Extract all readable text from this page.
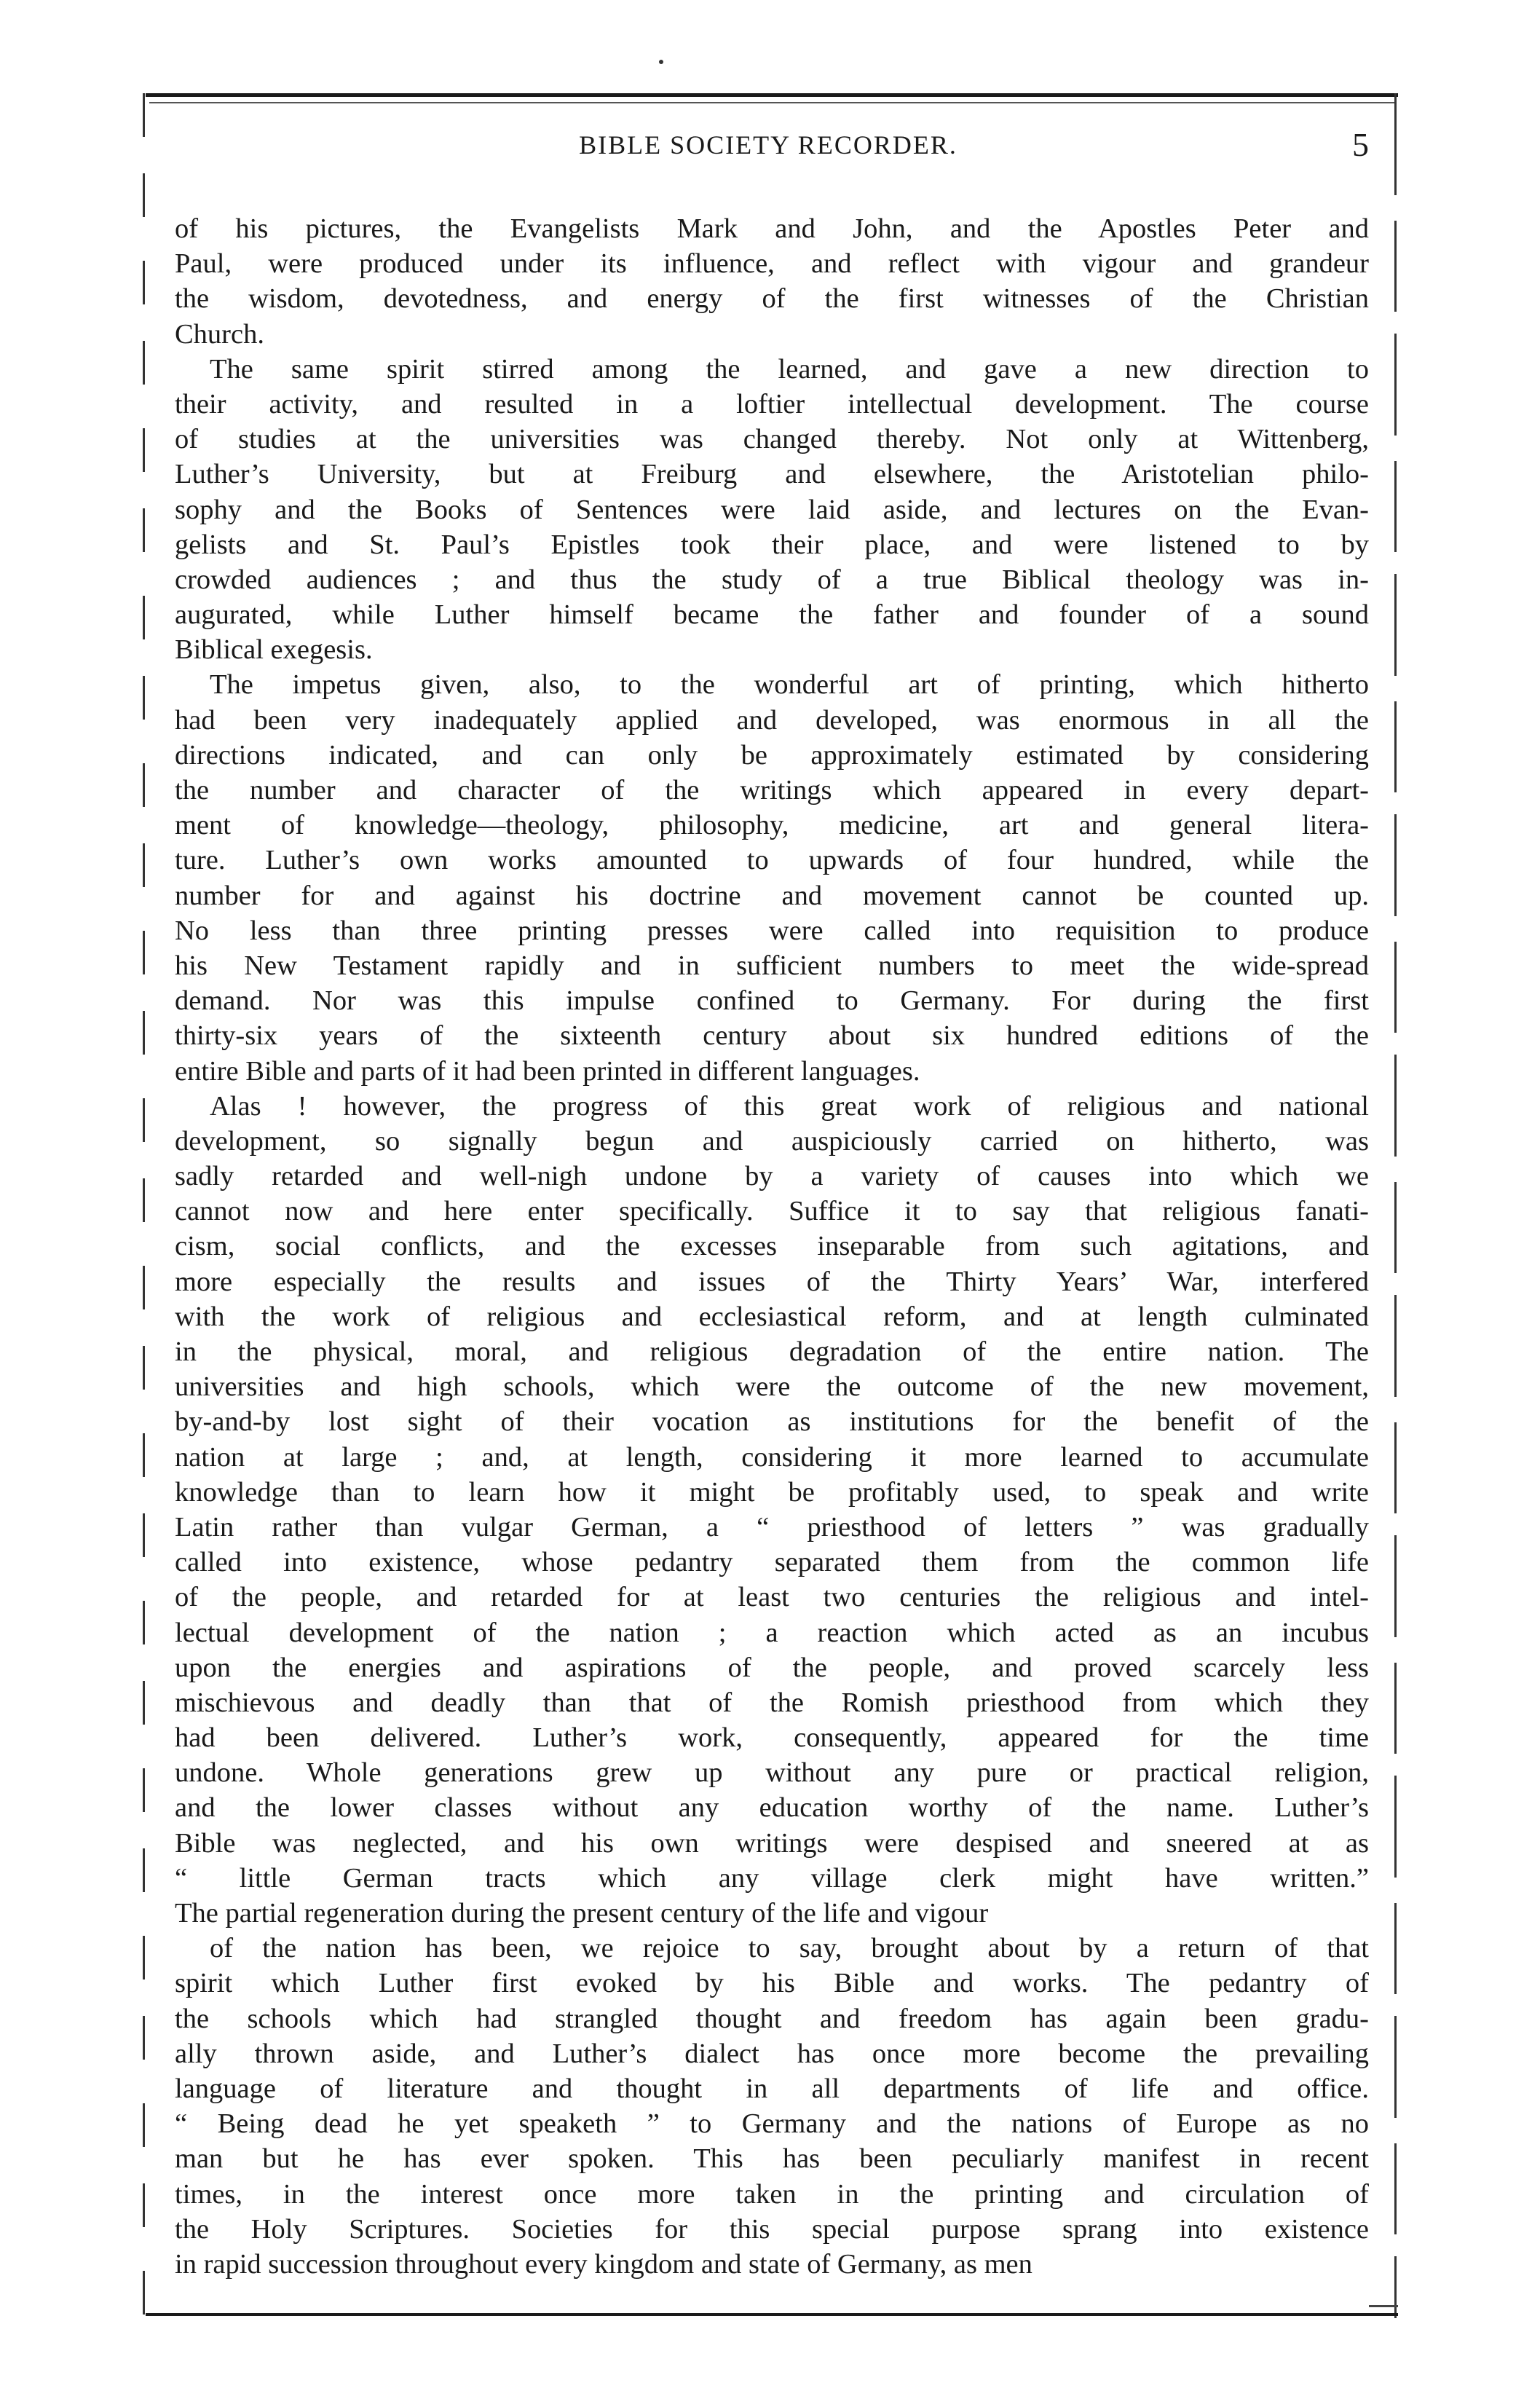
BIBLE SOCIETY RECORDER.	5
of his pictures, the Evangelists Mark and John, and the Apostles Peter and
Paul, were produced under its influence, and reflect with vigour and grandeur
the wisdom, devotedness, and energy of the first witnesses of the Christian
Church.
The same spirit stirred among the learned, and gave a new direction to
their activity, and resulted in a loftier intellectual development. The course
of studies at the universities was changed thereby. Not only at Wittenberg,
Luther’s University, but at Freiburg and elsewhere, the Aristotelian philo-
sophy and the Books of Sentences were laid aside, and lectures on the Evan-
gelists and St. Paul’s Epistles took their place, and were listened to by
crowded audiences ; and thus the study of a true Biblical theology was in-
augurated, while Luther himself became the father and founder of a sound
Biblical exegesis.
The impetus given, also, to the wonderful art of printing, which hitherto
had been very inadequately applied and developed, was enormous in all the
directions indicated, and can only be approximately estimated by considering
the number and character of the writings which appeared in every depart-
ment of knowledge—theology, philosophy, medicine, art and general litera-
ture. Luther’s own works amounted to upwards of four hundred, while the
number for and against his doctrine and movement cannot be counted up.
No less than three printing presses were called into requisition to produce
his New Testament rapidly and in sufficient numbers to meet the wide-spread
demand. Nor was this impulse confined to Germany. For during the first
thirty-six years of the sixteenth century about six hundred editions of the
entire Bible and parts of it had been printed in different languages.
Alas ! however, the progress of this great work of religious and national
development, so signally begun and auspiciously carried on hitherto, was
sadly retarded and well-nigh undone by a variety of causes into which we
cannot now and here enter specifically. Suffice it to say that religious fanati-
cism, social conflicts, and the excesses inseparable from such agitations, and
more especially the results and issues of the Thirty Years’ War, interfered
with the work of religious and ecclesiastical reform, and at length culminated
in the physical, moral, and religious degradation of the entire nation. The
universities and high schools, which were the outcome of the new movement,
by-and-by lost sight of their vocation as institutions for the benefit of the
nation at large ; and, at length, considering it more learned to accumulate
knowledge than to learn how it might be profitably used, to speak and write
Latin rather than vulgar German, a “ priesthood of letters ” was gradually
called into existence, whose pedantry separated them from the common life
of the people, and retarded for at least two centuries the religious and intel-
lectual development of the nation ; a reaction which acted as an incubus
upon the energies and aspirations of the people, and proved scarcely less
mischievous and deadly than that of the Romish priesthood from which they
had been delivered. Luther’s work, consequently, appeared for the time
undone. Whole generations grew up without any pure or practical religion,
and the lower classes without any education worthy of the name. Luther’s
Bible was neglected, and his own writings were despised and sneered at as
“ little German tracts which any village clerk might have written.”
The partial regeneration during the present century of the life and vigour
of the nation has been, we rejoice to say, brought about by a return of that
spirit which Luther first evoked by his Bible and works. The pedantry of
the schools which had strangled thought and freedom has again been gradu-
ally thrown aside, and Luther’s dialect has once more become the prevailing
language of literature and thought in all departments of life and office.
“ Being dead he yet speaketh ” to Germany and the nations of Europe as no
man but he has ever spoken. This has been peculiarly manifest in recent
times, in the interest once more taken in the printing and circulation of
the Holy Scriptures. Societies for this special purpose sprang into existence
in rapid succession throughout every kingdom and state of Germany, as men
